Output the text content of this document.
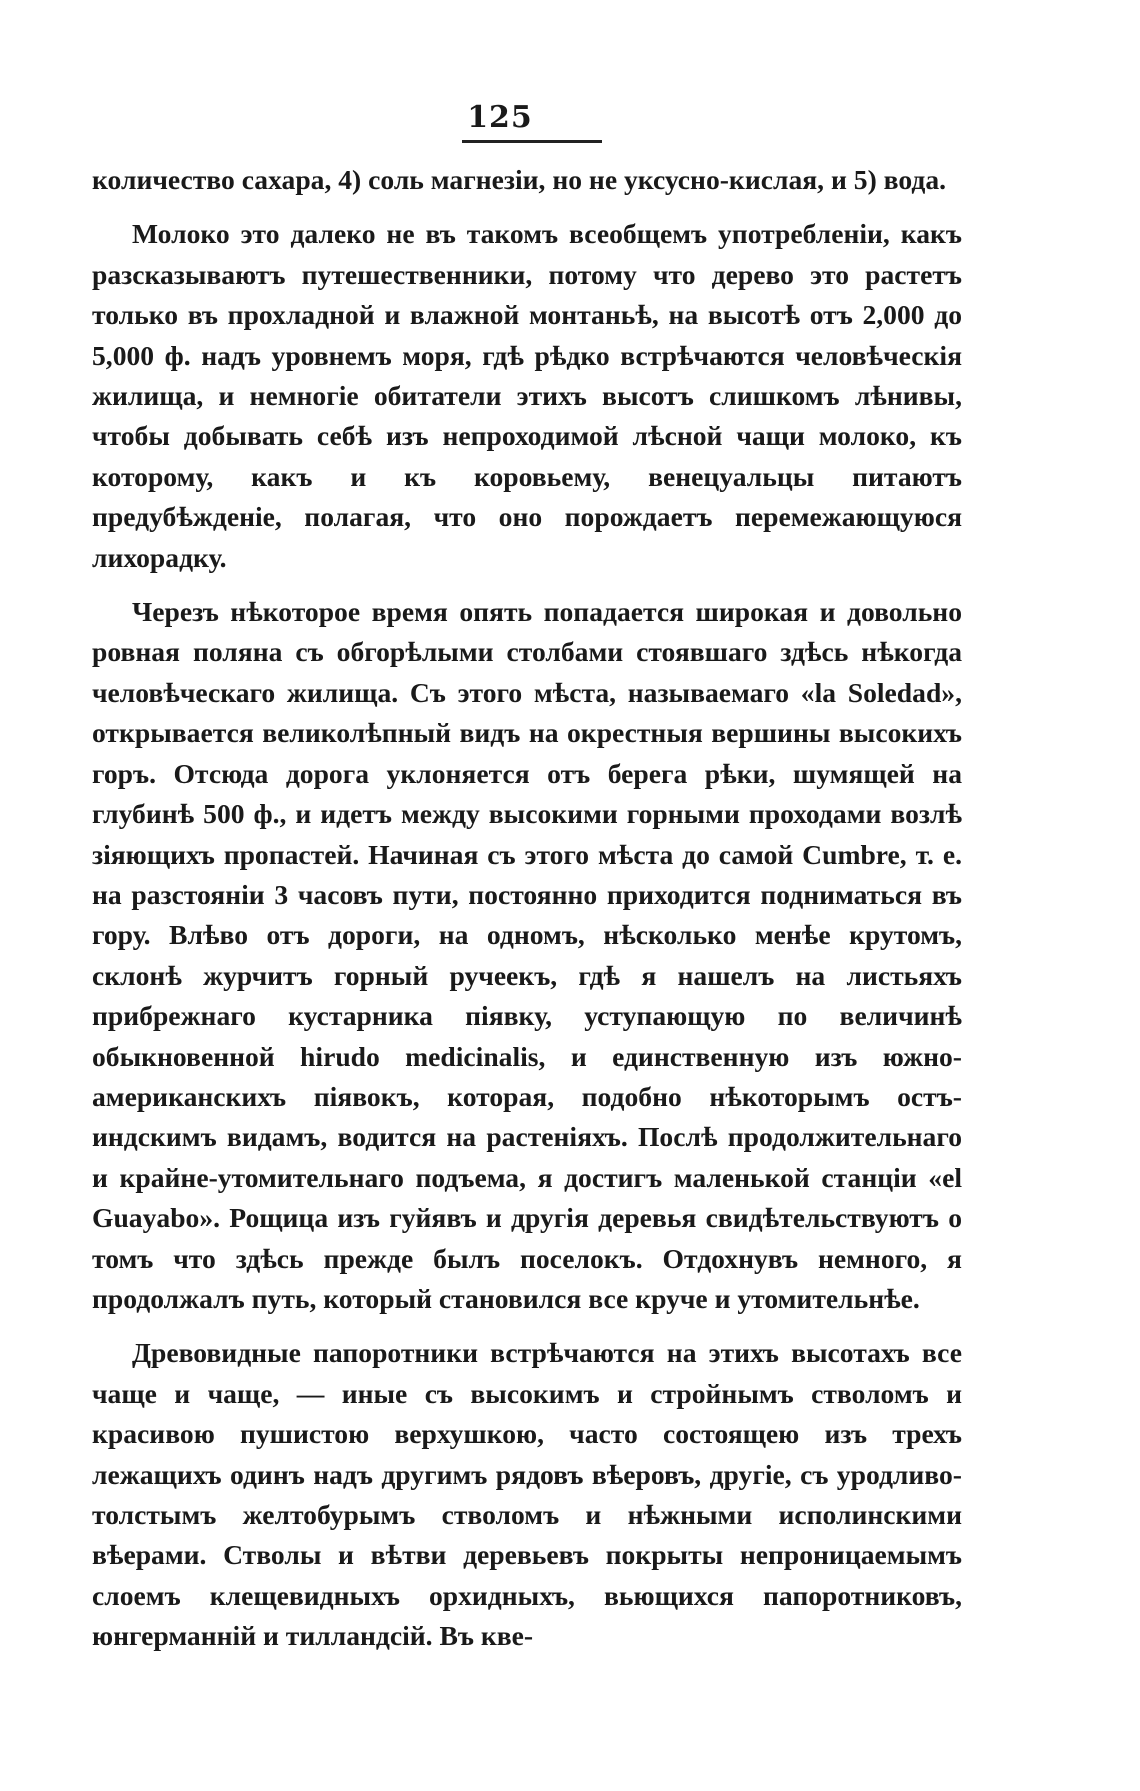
125

количество сахара, 4) соль магнезіи, но не уксусно-кислая, и 5) вода.

Молоко это далеко не въ такомъ всеобщемъ употребленіи, какъ разсказываютъ путешественники, потому что дерево это растетъ только въ прохладной и влажной монтаньѣ, на высотѣ отъ 2,000 до 5,000 ф. надъ уровнемъ моря, гдѣ рѣдко встрѣчаются человѣческія жилища, и немногіе обитатели этихъ высотъ слишкомъ лѣнивы, чтобы добывать себѣ изъ непроходимой лѣсной чащи молоко, къ которому, какъ и къ коровьему, венецуальцы питаютъ предубѣжденіе, полагая, что оно порождаетъ перемежающуюся лихорадку.

Черезъ нѣкоторое время опять попадается широкая и довольно ровная поляна съ обгорѣлыми столбами стоявшаго здѣсь нѣкогда человѣческаго жилища. Съ этого мѣста, называемаго «la Soledad», открывается великолѣпный видъ на окрестныя вершины высокихъ горъ. Отсюда дорога уклоняется отъ берега рѣки, шумящей на глубинѣ 500 ф., и идетъ между высокими горными проходами возлѣ зіяющихъ пропастей. Начиная съ этого мѣста до самой Cumbre, т. е. на разстояніи 3 часовъ пути, постоянно приходится подниматься въ гору. Влѣво отъ дороги, на одномъ, нѣсколько менѣе крутомъ, склонѣ журчитъ горный ручеекъ, гдѣ я нашелъ на листьяхъ прибрежнаго кустарника піявку, уступающую по величинѣ обыкновенной hirudo medicinalis, и единственную изъ южно-американскихъ піявокъ, которая, подобно нѣкоторымъ остъ-индскимъ видамъ, водится на растеніяхъ. Послѣ продолжительнаго и крайне-утомительнаго подъема, я достигъ маленькой станціи «el Guayabo». Рощица изъ гуйявъ и другія деревья свидѣтельствуютъ о томъ что здѣсь прежде былъ поселокъ. Отдохнувъ немного, я продолжалъ путь, который становился все круче и утомительнѣе.

Древовидные папоротники встрѣчаются на этихъ высотахъ все чаще и чаще, — иные съ высокимъ и стройнымъ стволомъ и красивою пушистою верхушкою, часто состоящею изъ трехъ лежащихъ одинъ надъ другимъ рядовъ вѣеровъ, другіе, съ уродливо-толстымъ желтобурымъ стволомъ и нѣжными исполинскими вѣерами. Стволы и вѣтви деревьевъ покрыты непроницаемымъ слоемъ клещевидныхъ орхидныхъ, вьющихся папоротниковъ, юнгерманній и тилландсій. Въ кве-
